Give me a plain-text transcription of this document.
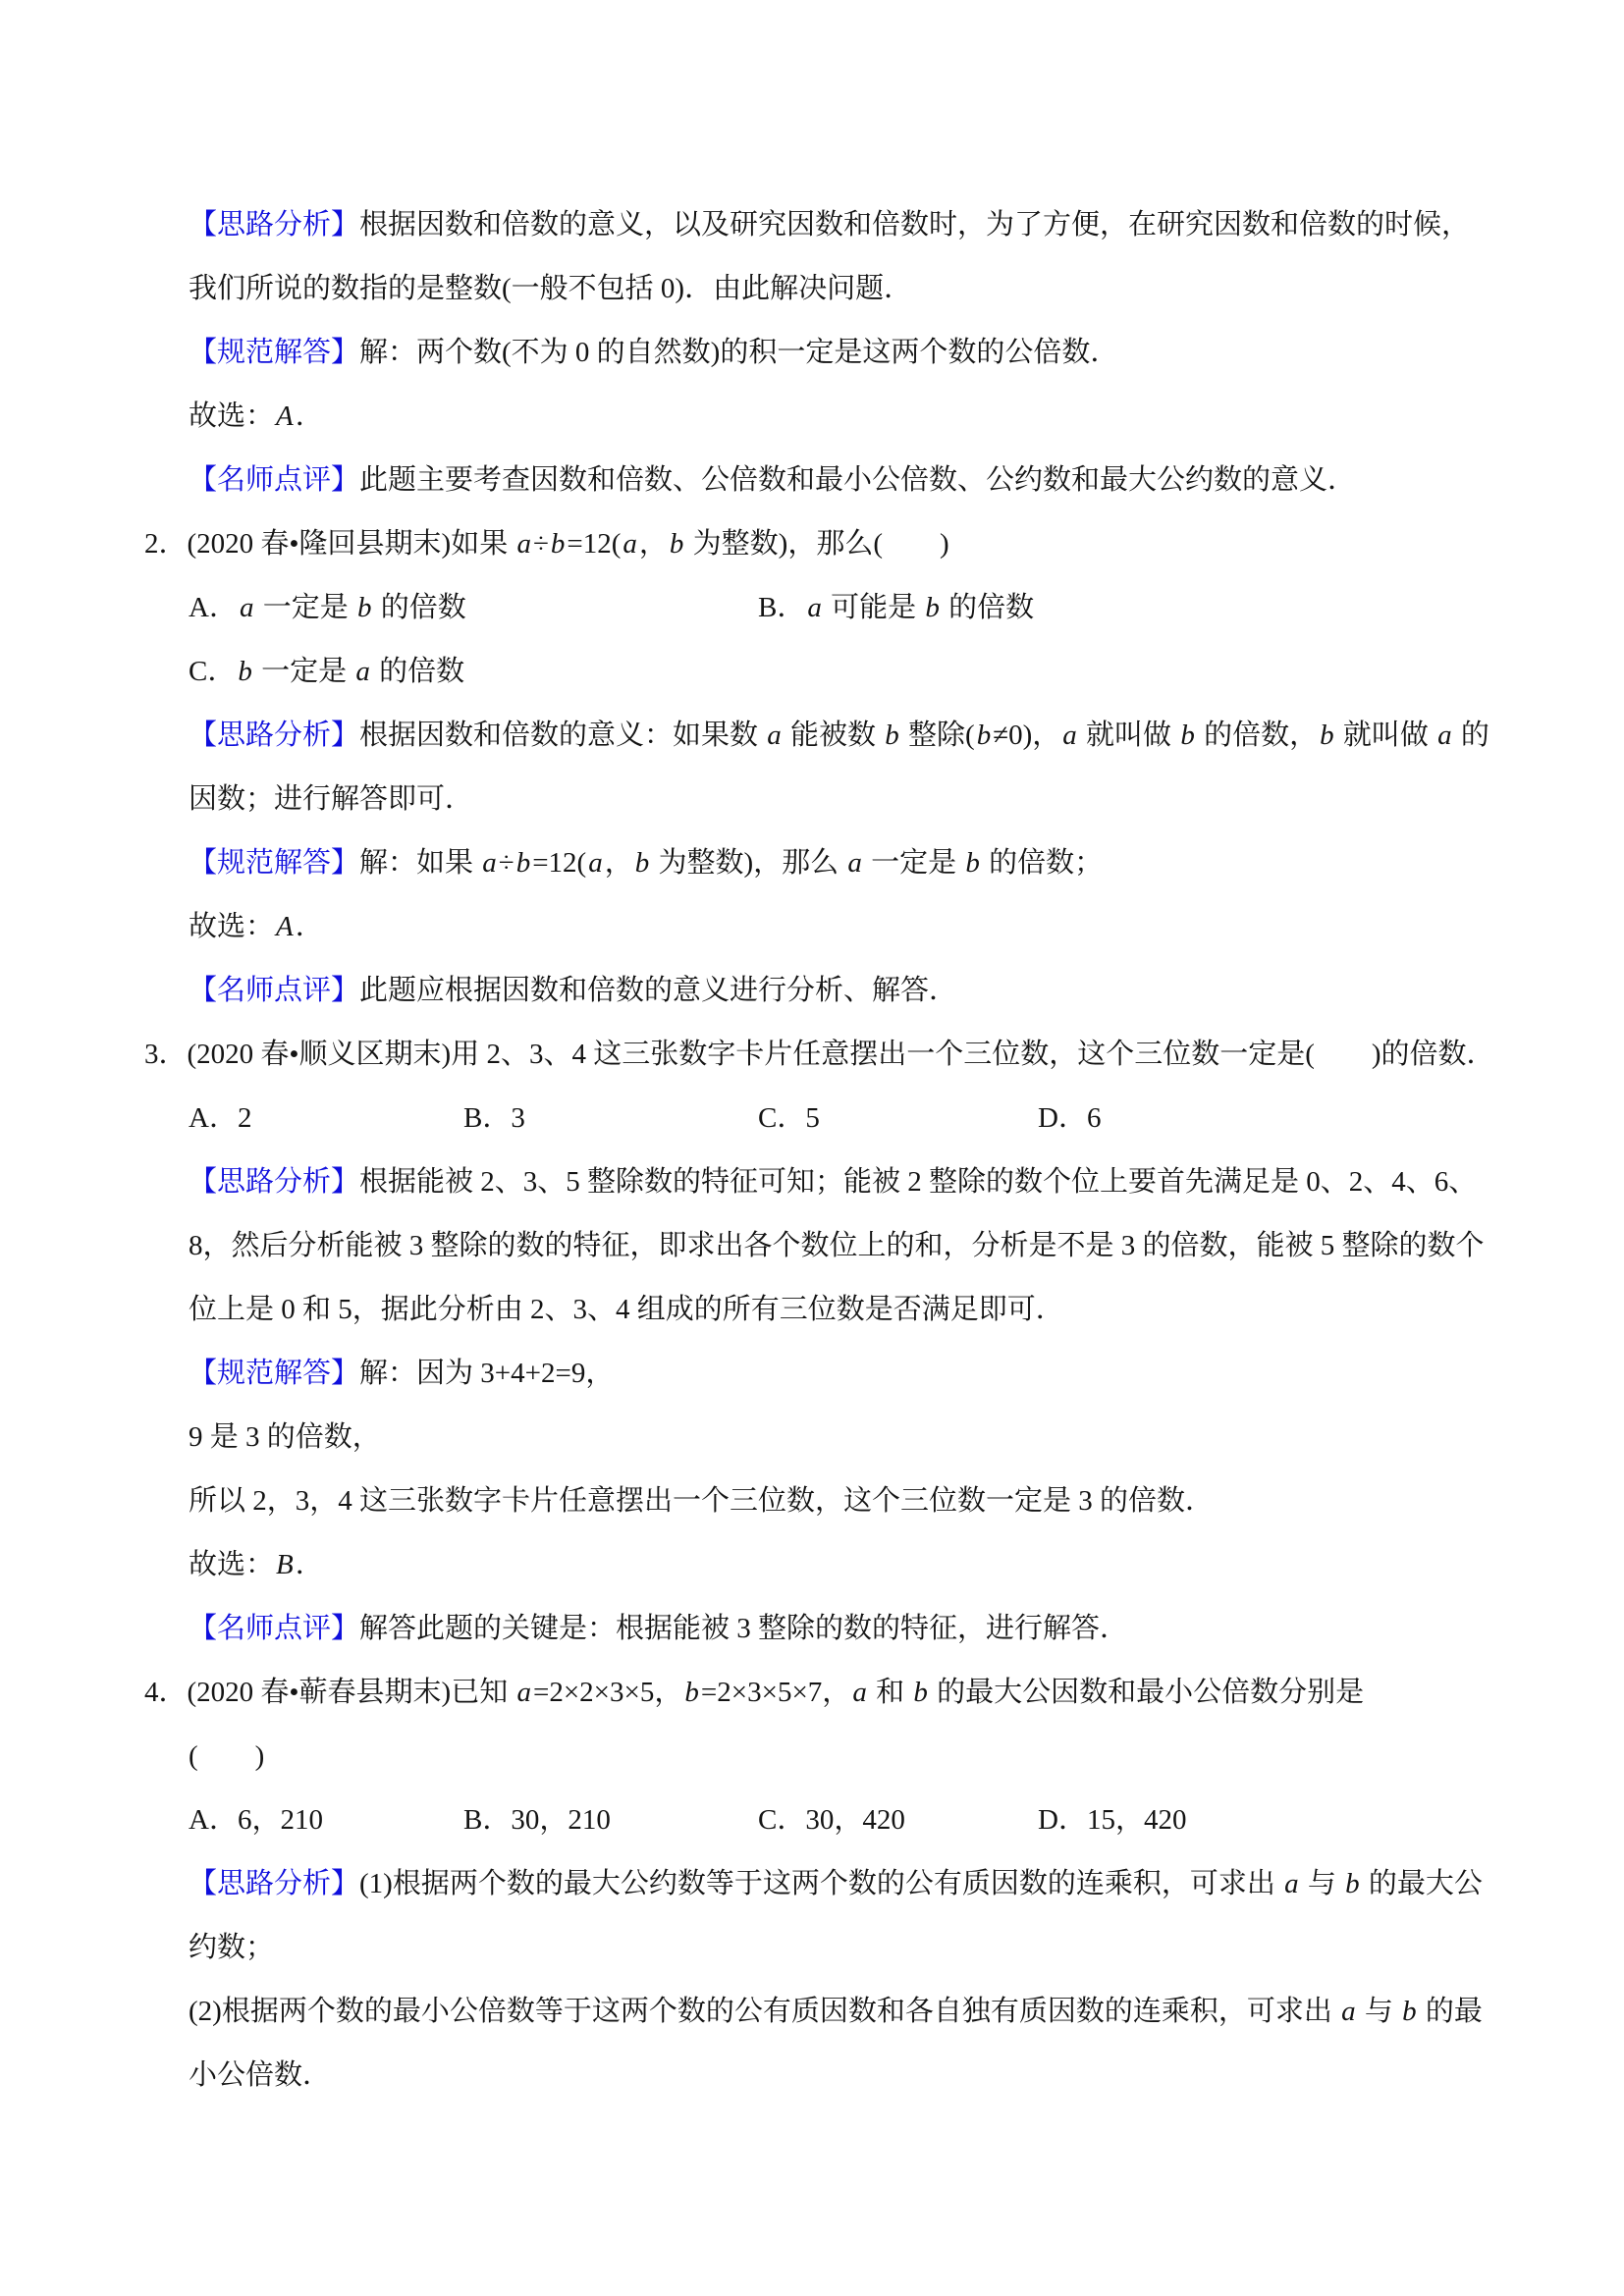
【思路分析】根据因数和倍数的意义，以及研究因数和倍数时，为了方便，在研究因数和倍数的时候，
我们所说的数指的是整数(一般不包括 0)．由此解决问题．
【规范解答】解：两个数(不为 0 的自然数)的积一定是这两个数的公倍数．
故选：A．
【名师点评】此题主要考查因数和倍数、公倍数和最小公倍数、公约数和最大公约数的意义．
2．(2020 春•隆回县期末)如果 a÷b=12(a，b 为整数)，那么(　　)
A．a 一定是 b 的倍数	B．a 可能是 b 的倍数
C．b 一定是 a 的倍数
【思路分析】根据因数和倍数的意义：如果数 a 能被数 b 整除(b≠0)，a 就叫做 b 的倍数，b 就叫做 a 的
因数；进行解答即可．
【规范解答】解：如果 a÷b=12(a，b 为整数)，那么 a 一定是 b 的倍数；
故选：A．
【名师点评】此题应根据因数和倍数的意义进行分析、解答．
3．(2020 春•顺义区期末)用 2、3、4 这三张数字卡片任意摆出一个三位数，这个三位数一定是(　　)的倍数．
A．2	B．3	C．5	D．6
【思路分析】根据能被 2、3、5 整除数的特征可知；能被 2 整除的数个位上要首先满足是 0、2、4、6、
8，然后分析能被 3 整除的数的特征，即求出各个数位上的和，分析是不是 3 的倍数，能被 5 整除的数个
位上是 0 和 5，据此分析由 2、3、4 组成的所有三位数是否满足即可．
【规范解答】解：因为 3+4+2=9，
9 是 3 的倍数，
所以 2，3，4 这三张数字卡片任意摆出一个三位数，这个三位数一定是 3 的倍数．
故选：B．
【名师点评】解答此题的关键是：根据能被 3 整除的数的特征，进行解答．
4．(2020 春•蕲春县期末)已知 a=2×2×3×5，b=2×3×5×7，a 和 b 的最大公因数和最小公倍数分别是
(　　)
A．6，210	B．30，210	C．30，420	D．15，420
【思路分析】(1)根据两个数的最大公约数等于这两个数的公有质因数的连乘积，可求出 a 与 b 的最大公
约数；
(2)根据两个数的最小公倍数等于这两个数的公有质因数和各自独有质因数的连乘积，可求出 a 与 b 的最
小公倍数．
